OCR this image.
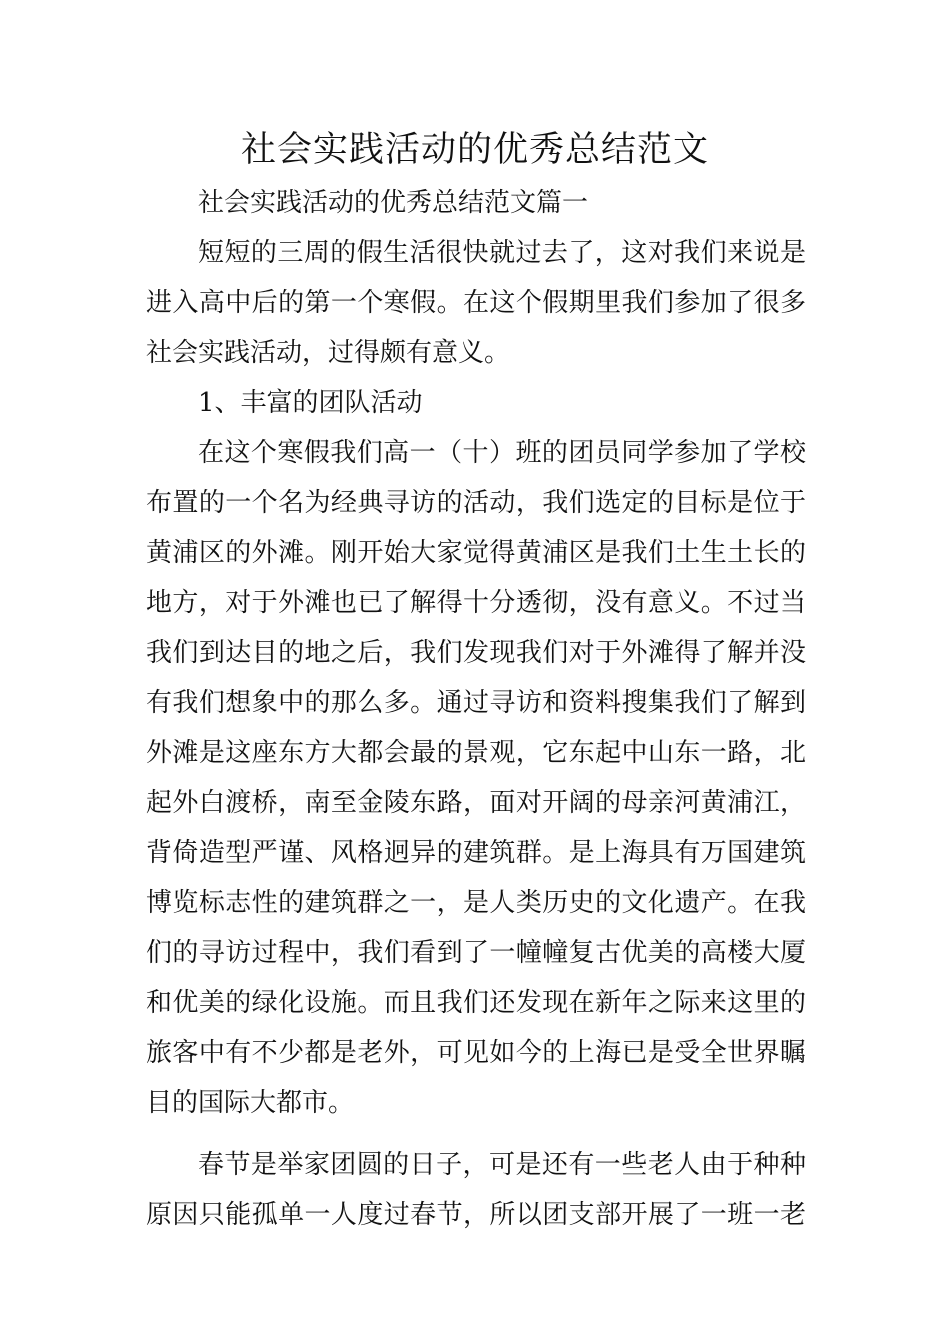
社会实践活动的优秀总结范文
社会实践活动的优秀总结范文篇一
短短的三周的假生活很快就过去了，这对我们来说是
进入高中后的第一个寒假。在这个假期里我们参加了很多
社会实践活动，过得颇有意义。
1、丰富的团队活动
在这个寒假我们高一（十）班的团员同学参加了学校
布置的一个名为经典寻访的活动，我们选定的目标是位于
黄浦区的外滩。刚开始大家觉得黄浦区是我们土生土长的
地方，对于外滩也已了解得十分透彻，没有意义。不过当
我们到达目的地之后，我们发现我们对于外滩得了解并没
有我们想象中的那么多。通过寻访和资料搜集我们了解到
外滩是这座东方大都会最的景观，它东起中山东一路，北
起外白渡桥，南至金陵东路，面对开阔的母亲河黄浦江，
背倚造型严谨、风格迥异的建筑群。是上海具有万国建筑
博览标志性的建筑群之一，是人类历史的文化遗产。在我
们的寻访过程中，我们看到了一幢幢复古优美的高楼大厦
和优美的绿化设施。而且我们还发现在新年之际来这里的
旅客中有不少都是老外，可见如今的上海已是受全世界瞩
目的国际大都市。
春节是举家团圆的日子，可是还有一些老人由于种种
原因只能孤单一人度过春节，所以团支部开展了一班一老
